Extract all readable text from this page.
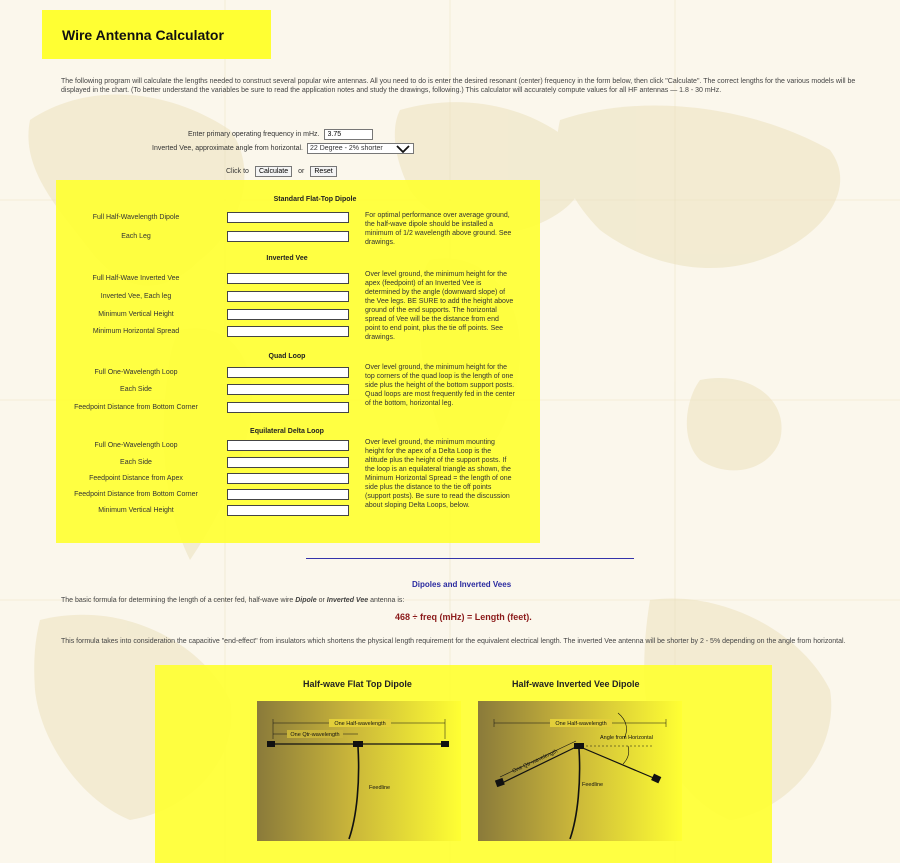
Wire Antenna Calculator

The following program will calculate the lengths needed to construct several popular wire antennas. All you need to do is enter the desired resonant (center) frequency in the form below, then click "Calculate". The correct lengths for the various models will be displayed in the chart. (To better understand the variables be sure to read the application notes and study the drawings, following.) This calculator will accurately compute values for all HF antennas — 1.8 - 30 mHz.

Enter primary operating frequency in mHz.
3.75
Inverted Vee, approximate angle from horizontal. 22 Degree - 2% shorter
Click to	Calculate	or	Reset
Standard Flat-Top Dipole
Full Half-Wavelength Dipole
Each Leg
For optimal performance over average ground, the half-wave dipole should be installed a minimum of 1/2 wavelength above ground. See drawings.
Inverted Vee
Full Half-Wave Inverted Vee
Inverted Vee, Each leg
Minimum Vertical Height
Minimum Horizontal Spread
Over level ground, the minimum height for the apex (feedpoint) of an Inverted Vee is determined by the angle (downward slope) of the Vee legs. BE SURE to add the height above ground of the end supports. The horizontal spread of Vee will be the distance from end point to end point, plus the tie off points. See drawings.
Quad Loop
Full One-Wavelength Loop
Each Side
Feedpoint Distance from Bottom Corner
Over level ground, the minimum height for the top corners of the quad loop is the length of one side plus the height of the bottom support posts. Quad loops are most frequently fed in the center of the bottom, horizontal leg.
Equilateral Delta Loop
Full One-Wavelength Loop
Each Side
Feedpoint Distance from Apex
Feedpoint Distance from Bottom Corner
Minimum Vertical Height
Over level ground, the minimum mounting height for the apex of a Delta Loop is the altitude plus the height of the support posts. If the loop is an equilateral triangle as shown, the Minimum Horizontal Spread = the length of one side plus the distance to the tie off points (support posts). Be sure to read the discussion about sloping Delta Loops, below.
Dipoles and Inverted Vees
The basic formula for determining the length of a center fed, half-wave wire Dipole or Inverted Vee antenna is:
468 ÷ freq (mHz) = Length (feet).

This formula takes into consideration the capacitive "end-effect" from insulators which shortens the physical length requirement for the equivalent electrical length. The inverted Vee antenna will be shorter by 2 - 5% depending on the angle from horizontal.

Half-wave Flat Top Dipole	Half-wave Inverted Vee Dipole
One Half-wavelength
One Qtr-wavelength
Feedline
One Half-wavelength
One Qtr-wavelength
Angle from Horizontal
Feedline
